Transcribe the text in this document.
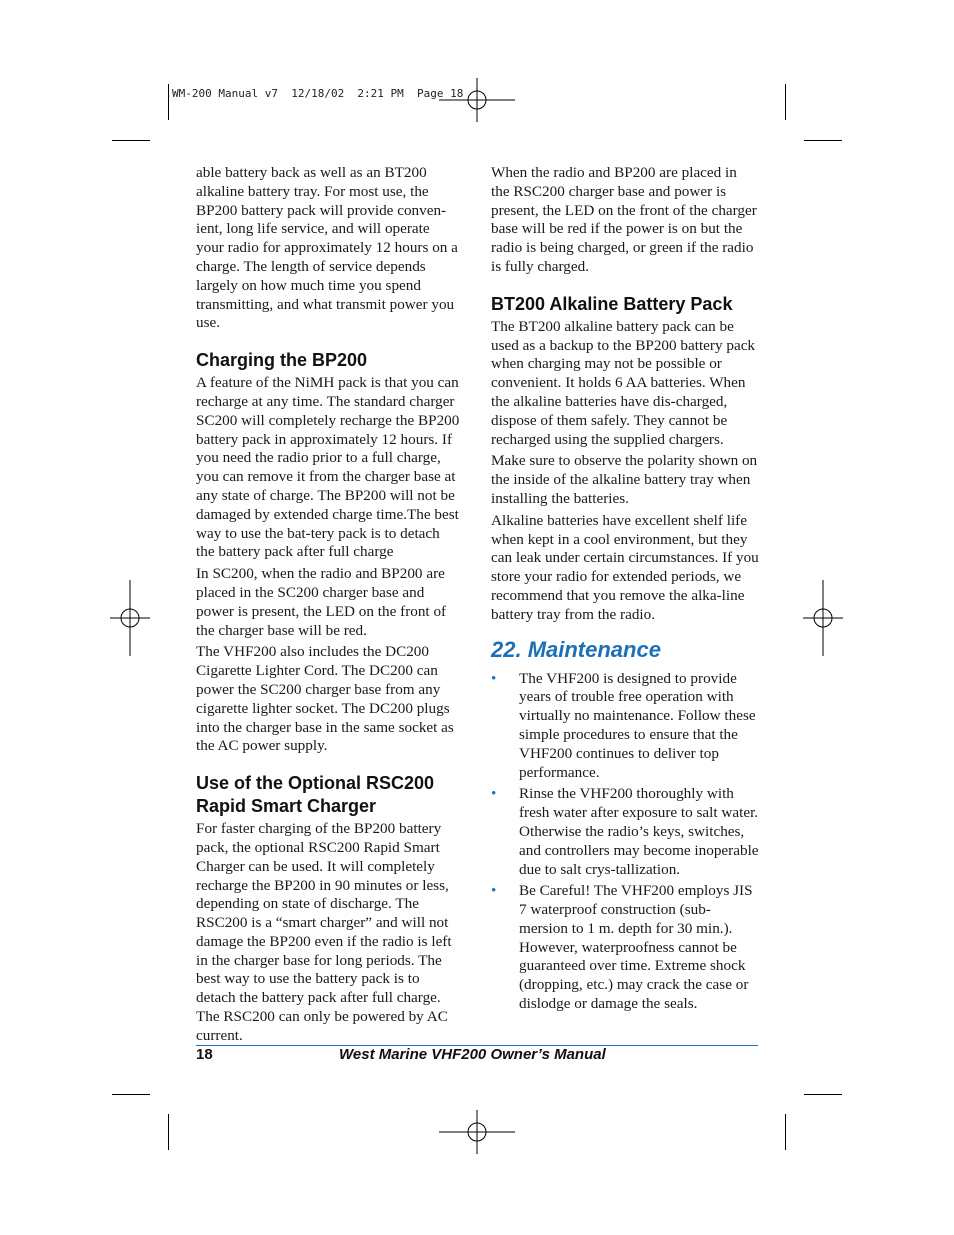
WM-200 Manual v7  12/18/02  2:21 PM  Page 18

able battery back as well as an BT200 alkaline battery tray. For most use, the BP200 battery pack will provide conven-ient, long life service, and will operate your radio for approximately 12 hours on a charge. The length of service depends largely on how much time you spend transmitting, and what transmit power you use.

Charging the BP200

A feature of the NiMH pack is that you can recharge at any time. The standard charger SC200 will completely recharge the BP200 battery pack in approximately 12 hours. If you need the radio prior to a full charge, you can remove it from the charger base at any state of charge. The BP200 will not be damaged by extended charge time.The best way to use the bat-tery pack is to detach the battery pack after full charge

In SC200, when the radio and BP200 are placed in the SC200 charger base and power is present, the LED on the front of the charger base will be red.

The VHF200 also includes the DC200 Cigarette Lighter Cord. The DC200 can power the SC200 charger base from any cigarette lighter socket. The DC200 plugs into the charger base in the same socket as the AC power supply.

Use of the Optional RSC200 Rapid Smart Charger

For faster charging of the BP200 battery pack, the optional RSC200 Rapid Smart Charger can be used. It will completely recharge the BP200 in 90 minutes or less, depending on state of discharge. The RSC200 is a “smart charger” and will not damage the BP200 even if the radio is left in the charger base for long periods. The best way to use the battery pack is to detach the battery pack after full charge. The RSC200 can only be powered by AC current.

When the radio and BP200 are placed in the RSC200 charger base and power is present, the LED on the front of the charger base will be red if the power is on but the radio is being charged, or green if the radio is fully charged.

BT200 Alkaline Battery Pack

The BT200 alkaline battery pack can be used as a backup to the BP200 battery pack when charging may not be possible or convenient. It holds 6 AA batteries. When the alkaline batteries have dis-charged, dispose of them safely. They cannot be recharged using the supplied chargers.

Make sure to observe the polarity shown on the inside of the alkaline battery tray when installing the batteries.

Alkaline batteries have excellent shelf life when kept in a cool environment, but they can leak under certain circumstances. If you store your radio for extended periods, we recommend that you remove the alka-line battery tray from the radio.

22. Maintenance
• The VHF200 is designed to provide years of trouble free operation with virtually no maintenance. Follow these simple procedures to ensure that the VHF200 continues to deliver top performance.
• Rinse the VHF200 thoroughly with fresh water after exposure to salt water. Otherwise the radio’s keys, switches, and controllers may become inoperable due to salt crys-tallization.
• Be Careful! The VHF200 employs JIS 7 waterproof construction (sub-mersion to 1 m. depth for 30 min.). However, waterproofness cannot be guaranteed over time. Extreme shock (dropping, etc.) may crack the case or dislodge or damage the seals.
18	West Marine VHF200 Owner’s Manual
